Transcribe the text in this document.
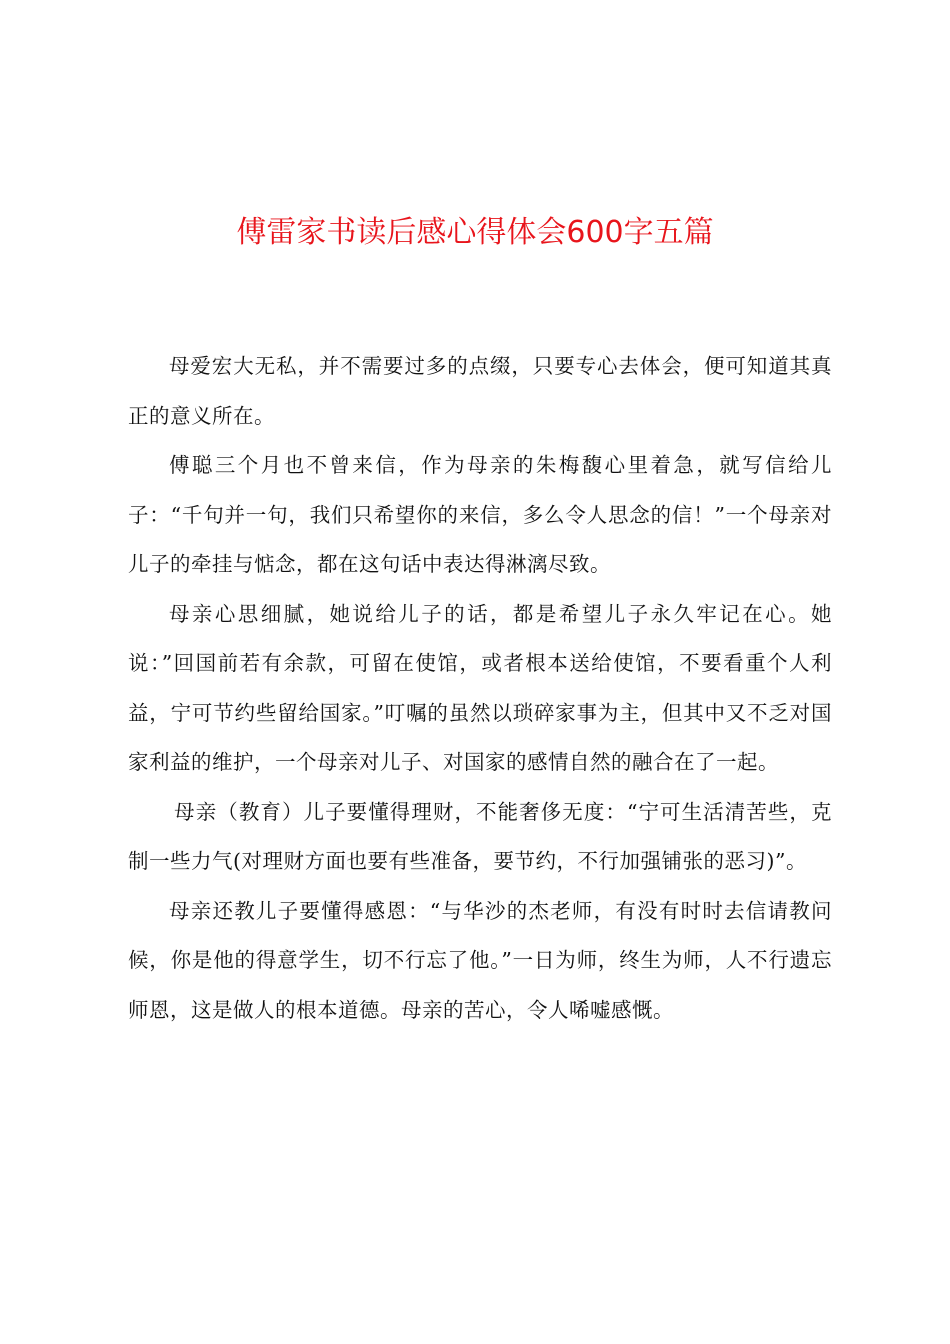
傅雷家书读后感心得体会600字五篇

母爱宏大无私，并不需要过多的点缀，只要专心去体会，便可知道其真正的意义所在。

傅聪三个月也不曾来信，作为母亲的朱梅馥心里着急，就写信给儿子：“千句并一句，我们只希望你的来信，多么令人思念的信！”一个母亲对儿子的牵挂与惦念，都在这句话中表达得淋漓尽致。

母亲心思细腻，她说给儿子的话，都是希望儿子永久牢记在心。她说：”回国前若有余款，可留在使馆，或者根本送给使馆，不要看重个人利益，宁可节约些留给国家。”叮嘱的虽然以琐碎家事为主，但其中又不乏对国家利益的维护，一个母亲对儿子、对国家的感情自然的融合在了一起。

母亲（教育）儿子要懂得理财，不能奢侈无度：“宁可生活清苦些，克制一些力气(对理财方面也要有些准备，要节约，不行加强铺张的恶习)”。

母亲还教儿子要懂得感恩：“与华沙的杰老师，有没有时时去信请教问候，你是他的得意学生，切不行忘了他。”一日为师，终生为师，人不行遗忘师恩，这是做人的根本道德。母亲的苦心，令人唏嘘感慨。
